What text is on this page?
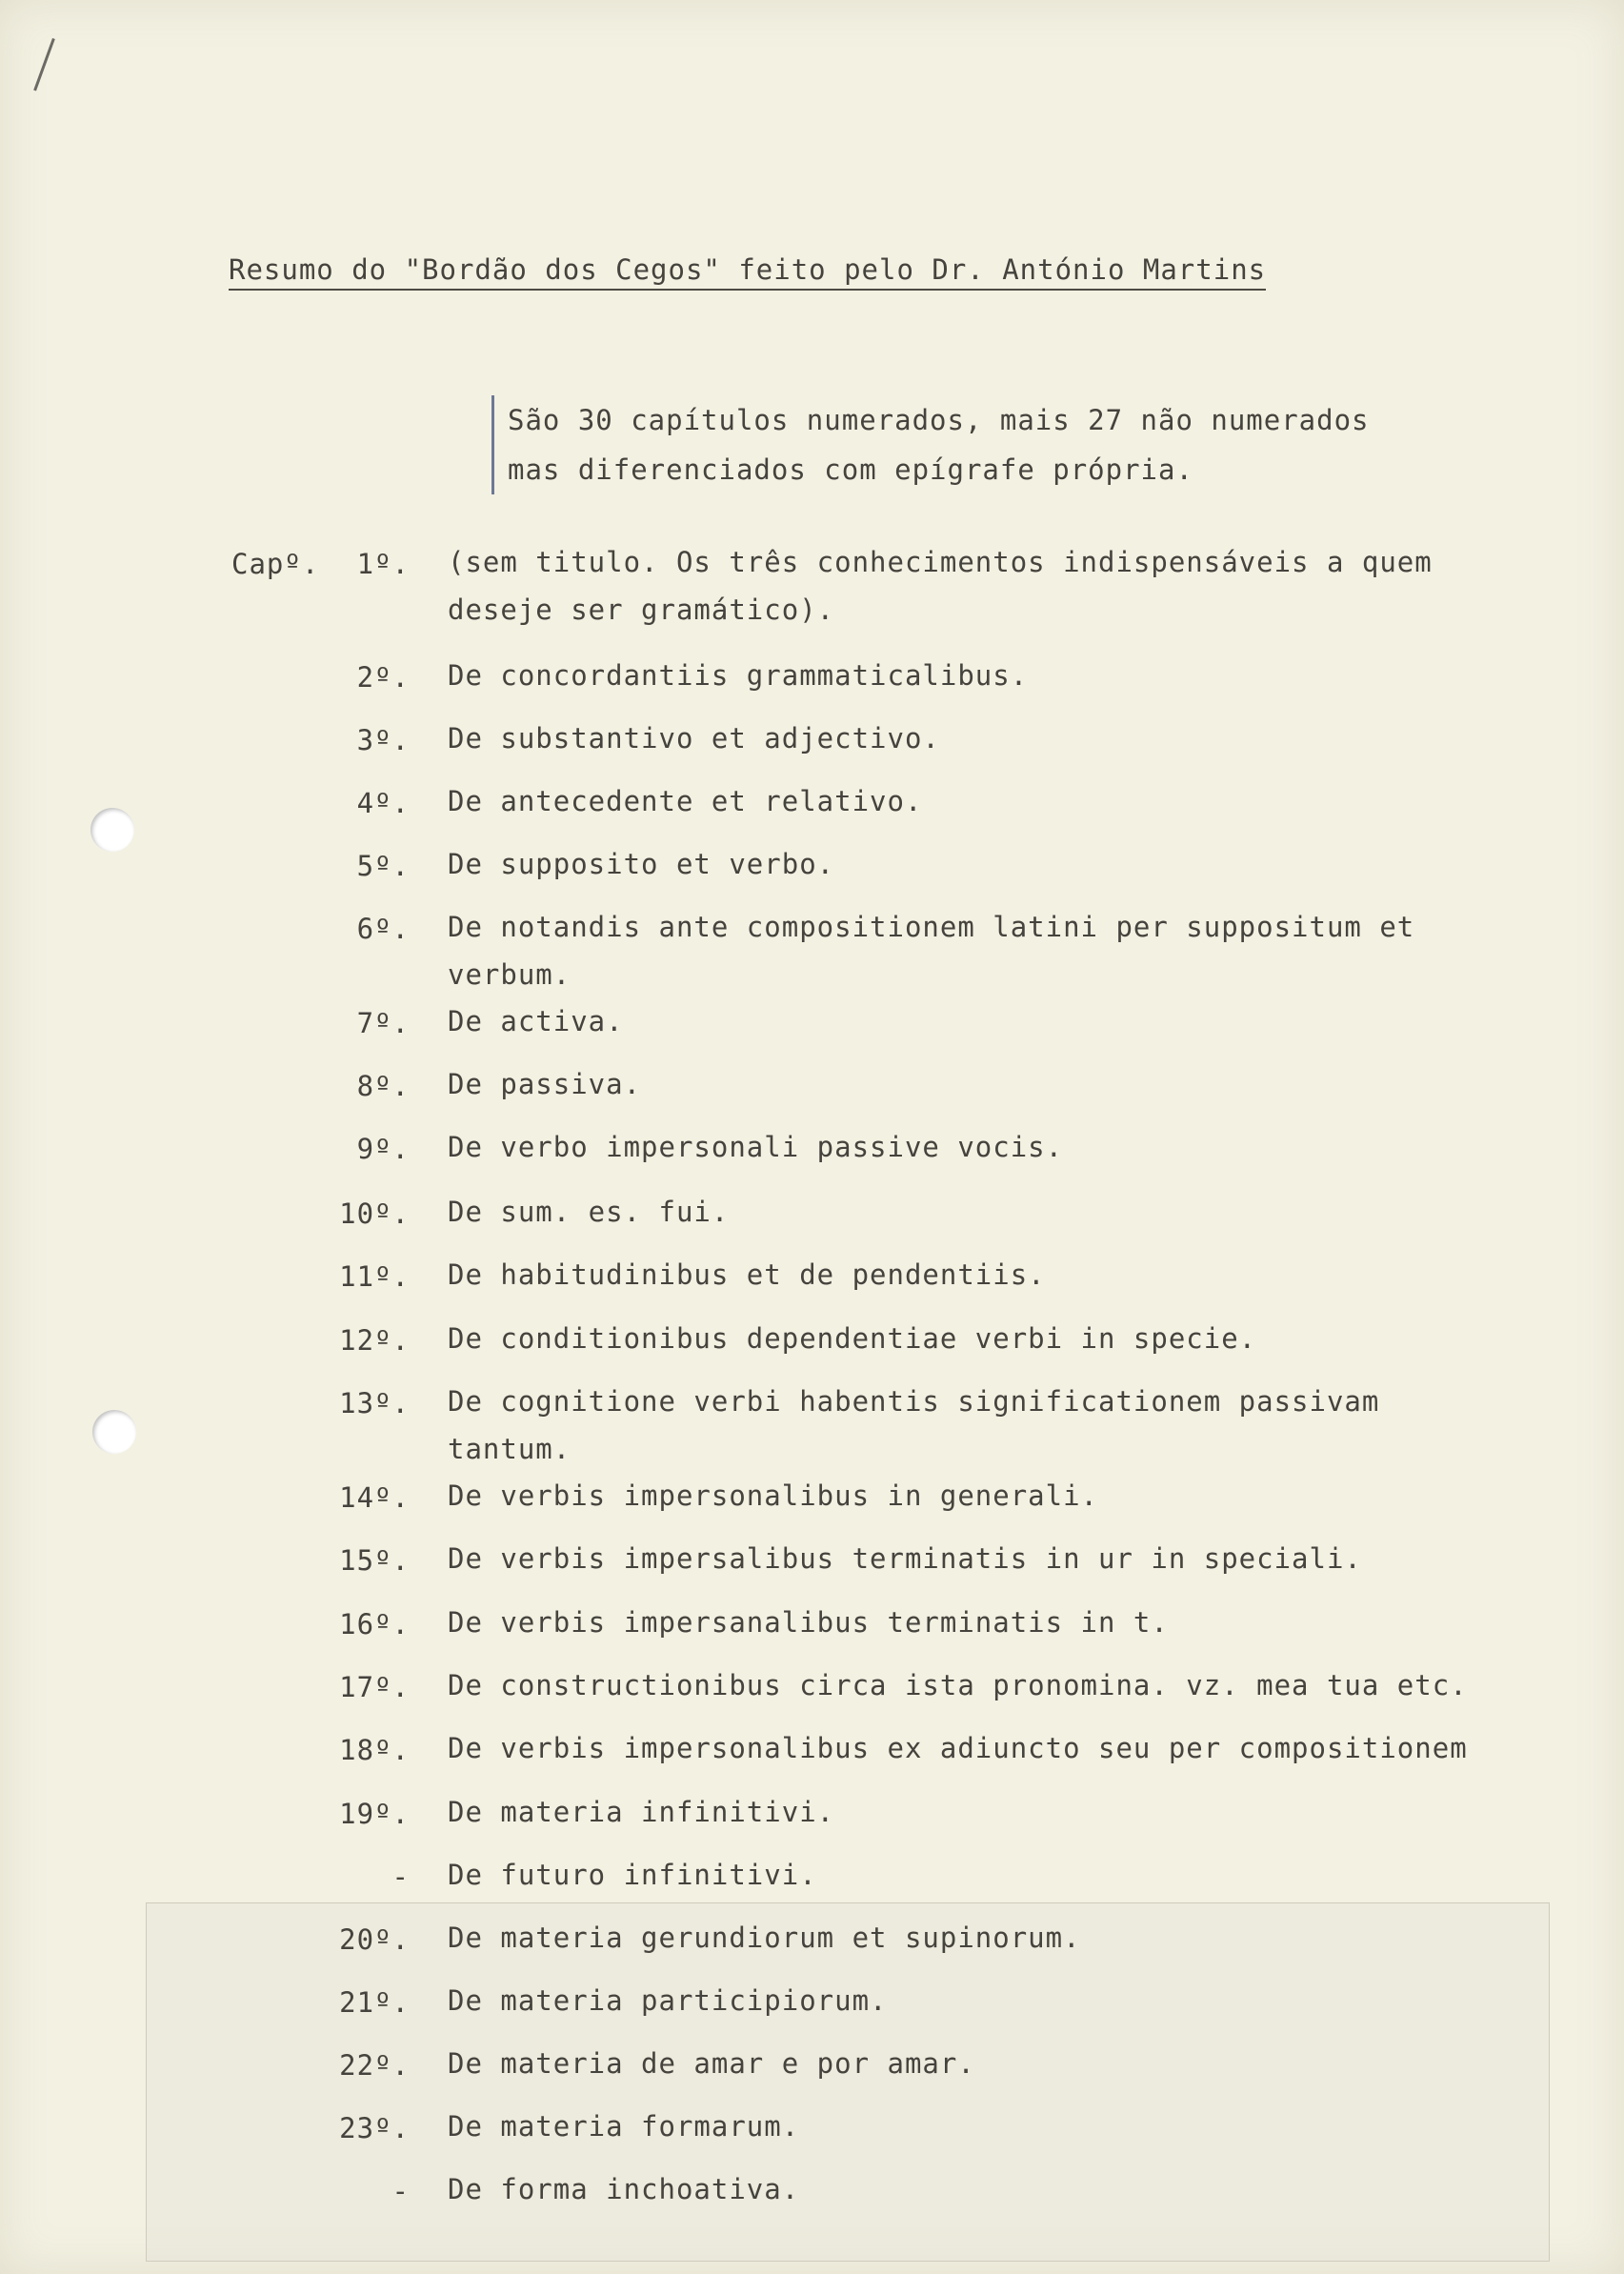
Resumo do "Bordão dos Cegos" feito pelo Dr. António Martins
São 30 capítulos numerados, mais 27 não numerados
mas diferenciados com epígrafe própria.
Capº.	1º. (sem titulo. Os três conhecimentos indispensáveis a quem
deseje ser gramático).
2º. De concordantiis grammaticalibus.
3º. De substantivo et adjectivo.
4º. De antecedente et relativo.
5º. De supposito et verbo.
6º. De notandis ante compositionem latini per suppositum et
verbum.
7º. De activa.
8º. De passiva.
9º. De verbo impersonali passive vocis.
10º. De sum. es. fui.
11º. De habitudinibus et de pendentiis.
12º. De conditionibus dependentiae verbi in specie.
13º. De cognitione verbi habentis significationem passivam
tantum.
14º. De verbis impersonalibus in generali.
15º. De verbis impersalibus terminatis in ur in speciali.
16º. De verbis impersanalibus terminatis in t.
17º. De constructionibus circa ista pronomina. vz. mea tua etc.
18º. De verbis impersonalibus ex adiuncto seu per compositionem
19º. De materia infinitivi.
- De futuro infinitivi.
20º. De materia gerundiorum et supinorum.
21º. De materia participiorum.
22º. De materia de amar e por amar.
23º. De materia formarum.
- De forma inchoativa.
